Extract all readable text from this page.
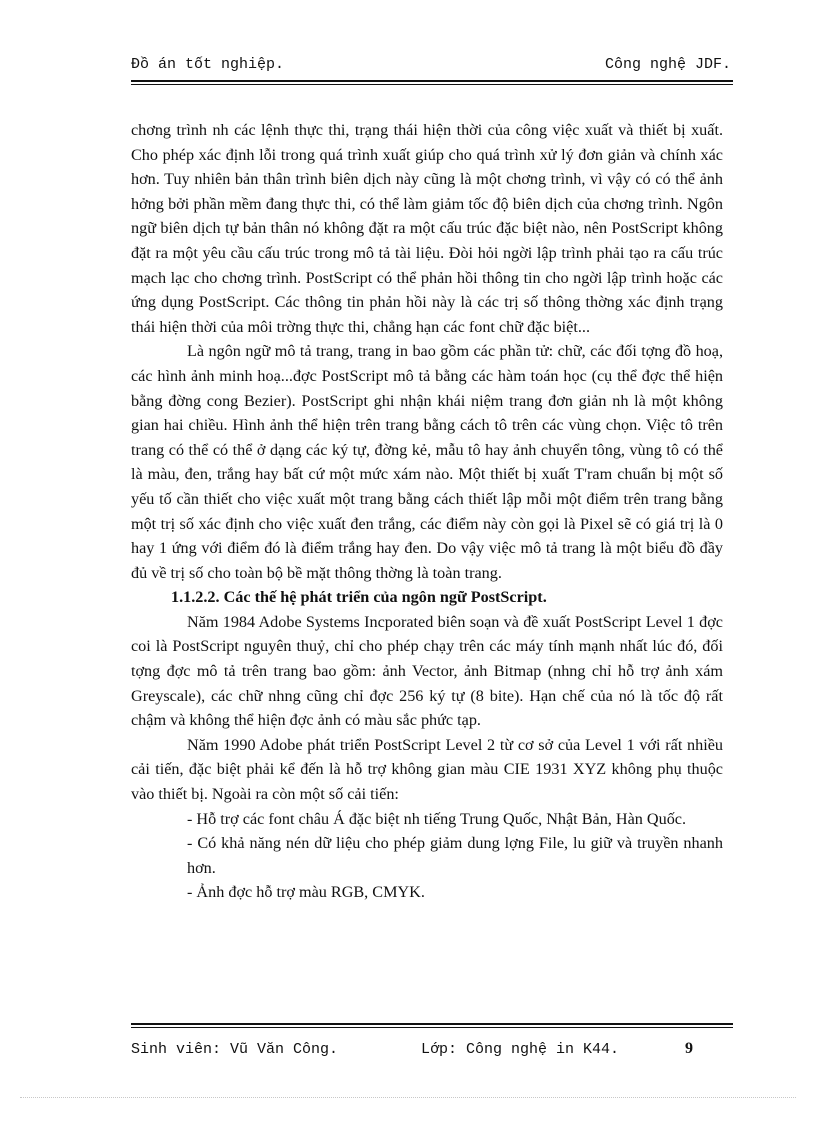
Đồ án tốt nghiệp.	Công nghệ JDF.

chơng trình nh các lệnh thực thi, trạng thái hiện thời của công việc xuất và thiết bị xuất. Cho phép xác định lỗi trong quá trình xuất giúp cho quá trình xử lý đơn giản và chính xác hơn. Tuy nhiên bản thân trình biên dịch này cũng là một chơng trình, vì vậy có có thể ảnh hởng bởi phần mềm đang thực thi, có thể làm giảm tốc độ biên dịch của chơng trình. Ngôn ngữ biên dịch tự bản thân nó không đặt ra một cấu trúc đặc biệt nào, nên PostScript không đặt ra một yêu cầu cấu trúc trong mô tả tài liệu. Đòi hỏi ngời lập trình phải tạo ra cấu trúc mạch lạc cho chơng trình. PostScript có thể phản hồi thông tin cho ngời lập trình hoặc các ứng dụng PostScript. Các thông tin phản hồi này là các trị số thông thờng xác định trạng thái hiện thời của môi trờng thực thi, chẳng hạn các font chữ đặc biệt...

Là ngôn ngữ mô tả trang, trang in bao gồm các phần tử: chữ, các đối tợng đồ hoạ, các hình ảnh minh hoạ...đợc PostScript mô tả bằng các hàm toán học (cụ thể đợc thể hiện bằng đờng cong Bezier). PostScript ghi nhận khái niệm trang đơn giản nh là một không gian hai chiều. Hình ảnh thể hiện trên trang bằng cách tô trên các vùng chọn. Việc tô trên trang có thể có thể ở dạng các ký tự, đờng kẻ, mẫu tô hay ảnh chuyển tông, vùng tô có thể là màu, đen, trắng hay bất cứ một mức xám nào. Một thiết bị xuất T'ram chuẩn bị một số yếu tố cần thiết cho việc xuất một trang bằng cách thiết lập mỗi một điểm trên trang bằng một trị số xác định cho việc xuất đen trắng, các điểm này còn gọi là Pixel sẽ có giá trị là 0 hay 1 ứng với điểm đó là điểm trắng hay đen. Do vậy việc mô tả trang là một biểu đồ đầy đủ về trị số cho toàn bộ bề mặt thông thờng là toàn trang.

1.1.2.2. Các thế hệ phát triển của ngôn ngữ PostScript.

Năm 1984 Adobe Systems Incporated biên soạn và đề xuất PostScript Level 1 đợc coi là PostScript nguyên thuỷ, chỉ cho phép chạy trên các máy tính mạnh nhất lúc đó, đối tợng đợc mô tả trên trang bao gồm: ảnh Vector, ảnh Bitmap (nhng chỉ hỗ trợ ảnh xám Greyscale), các chữ nhng cũng chỉ đợc 256 ký tự (8 bite). Hạn chế của nó là tốc độ rất chậm và không thể hiện đợc ảnh có màu sắc phức tạp.

Năm 1990 Adobe phát triển PostScript Level 2 từ cơ sở của Level 1 với rất nhiều cải tiến, đặc biệt phải kể đến là hỗ trợ không gian màu CIE 1931 XYZ không phụ thuộc vào thiết bị. Ngoài ra còn một số cải tiến:

- Hỗ trợ các font châu Á đặc biệt nh tiếng Trung Quốc, Nhật Bản, Hàn Quốc.

- Có khả năng nén dữ liệu cho phép giảm dung lợng File, lu giữ và truyền nhanh hơn.

- Ảnh đợc hỗ trợ màu RGB, CMYK.

Sinh viên: Vũ Văn Công.	Lớp: Công nghệ in K44.	9
